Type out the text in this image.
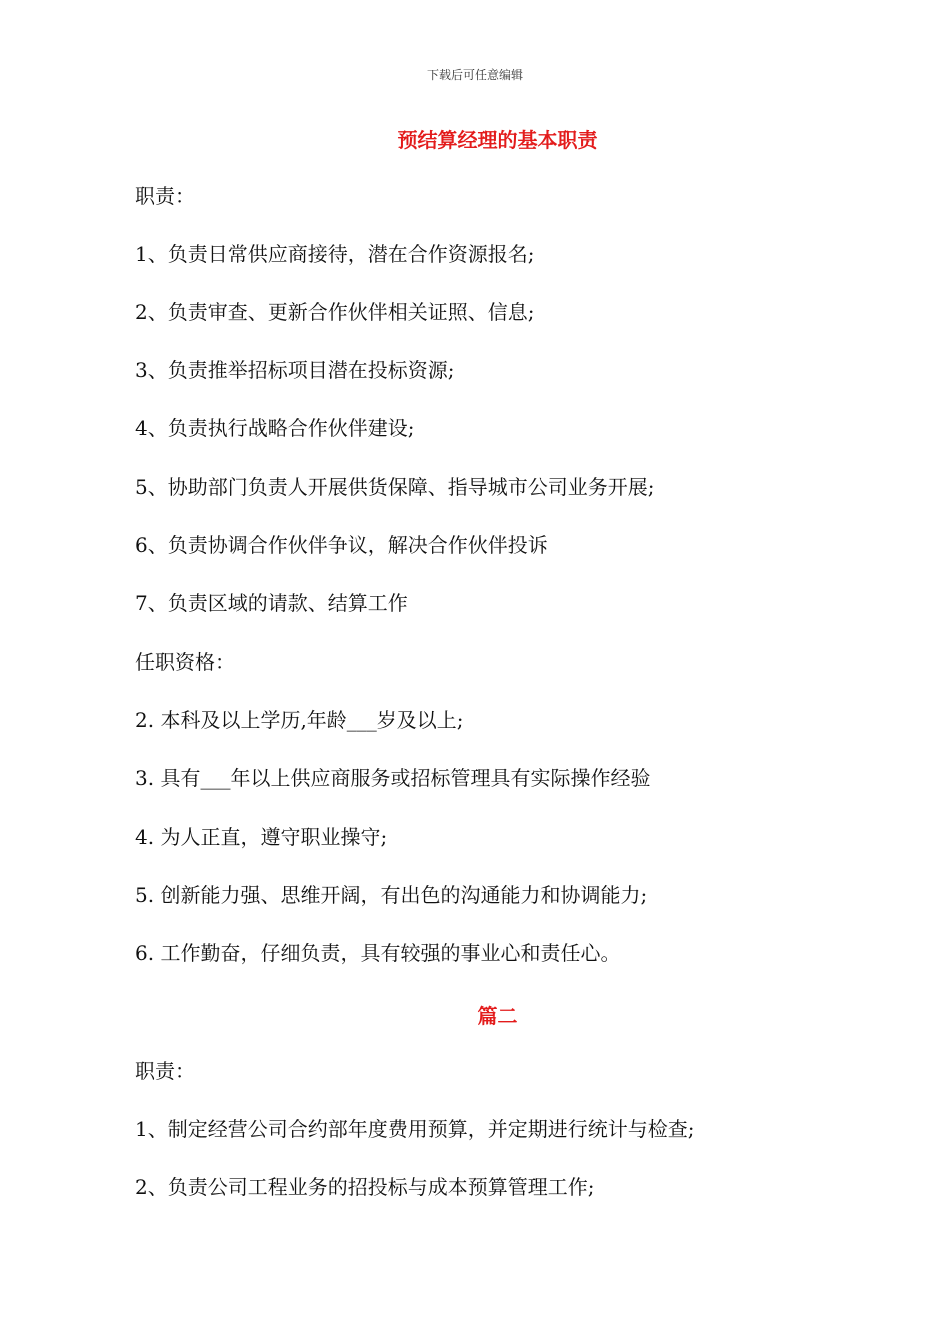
下载后可任意编辑
预结算经理的基本职责
职责：
1、负责日常供应商接待，潜在合作资源报名;
2、负责审查、更新合作伙伴相关证照、信息;
3、负责推举招标项目潜在投标资源;
4、负责执行战略合作伙伴建设;
5、协助部门负责人开展供货保障、指导城市公司业务开展;
6、负责协调合作伙伴争议，解决合作伙伴投诉
7、负责区域的请款、结算工作
任职资格：
2. 本科及以上学历,年龄___岁及以上;
3. 具有___年以上供应商服务或招标管理具有实际操作经验
4. 为人正直，遵守职业操守;
5. 创新能力强、思维开阔，有出色的沟通能力和协调能力;
6. 工作勤奋，仔细负责，具有较强的事业心和责任心。
篇二
职责：
1、制定经营公司合约部年度费用预算，并定期进行统计与检查;
2、负责公司工程业务的招投标与成本预算管理工作;
